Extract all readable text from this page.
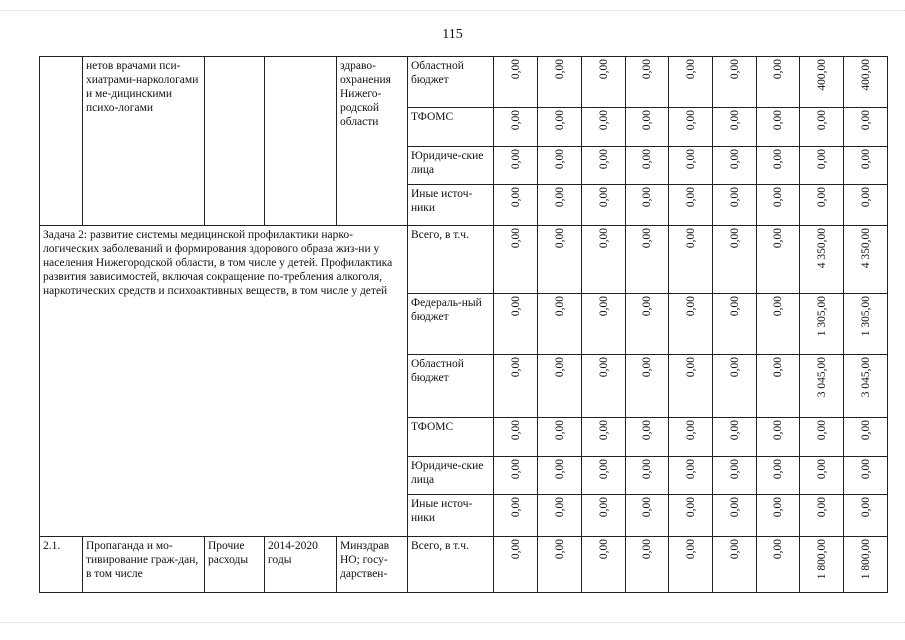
115
	нетов врачами пси-хиатрами-наркологами и ме-дицинскими психо-логами			здраво-охранения Нижего-родской области	Областной бюджет	0,00	0,00	0,00	0,00	0,00	0,00	0,00	400,00	400,00
					ТФОМС	0,00	0,00	0,00	0,00	0,00	0,00	0,00	0,00	0,00
					Юридиче-ские лица	0,00	0,00	0,00	0,00	0,00	0,00	0,00	0,00	0,00
					Иные источ-ники	0,00	0,00	0,00	0,00	0,00	0,00	0,00	0,00	0,00
Задача 2: развитие системы медицинской профилактики нарко-логических заболеваний и формирования здорового образа жиз-ни у населения Нижегородской области, в том числе у детей. Профилактика развития зависимостей, включая сокращение по-требления алкоголя, наркотических средств и психоактивных веществ, в том числе у детей					Всего, в т.ч.	0,00	0,00	0,00	0,00	0,00	0,00	0,00	4 350,00	4 350,00
					Федераль-ный бюджет	0,00	0,00	0,00	0,00	0,00	0,00	0,00	1 305,00	1 305,00
					Областной бюджет	0,00	0,00	0,00	0,00	0,00	0,00	0,00	3 045,00	3 045,00
					ТФОМС	0,00	0,00	0,00	0,00	0,00	0,00	0,00	0,00	0,00
					Юридиче-ские лица	0,00	0,00	0,00	0,00	0,00	0,00	0,00	0,00	0,00
					Иные источ-ники	0,00	0,00	0,00	0,00	0,00	0,00	0,00	0,00	0,00
2.1.	Пропаганда и мо-тивирование граж-дан, в том числе	Прочие расходы	2014-2020 годы	Минздрав НО; госу-дарствен-	Всего, в т.ч.	0,00	0,00	0,00	0,00	0,00	0,00	0,00	1 800,00	1 800,00
